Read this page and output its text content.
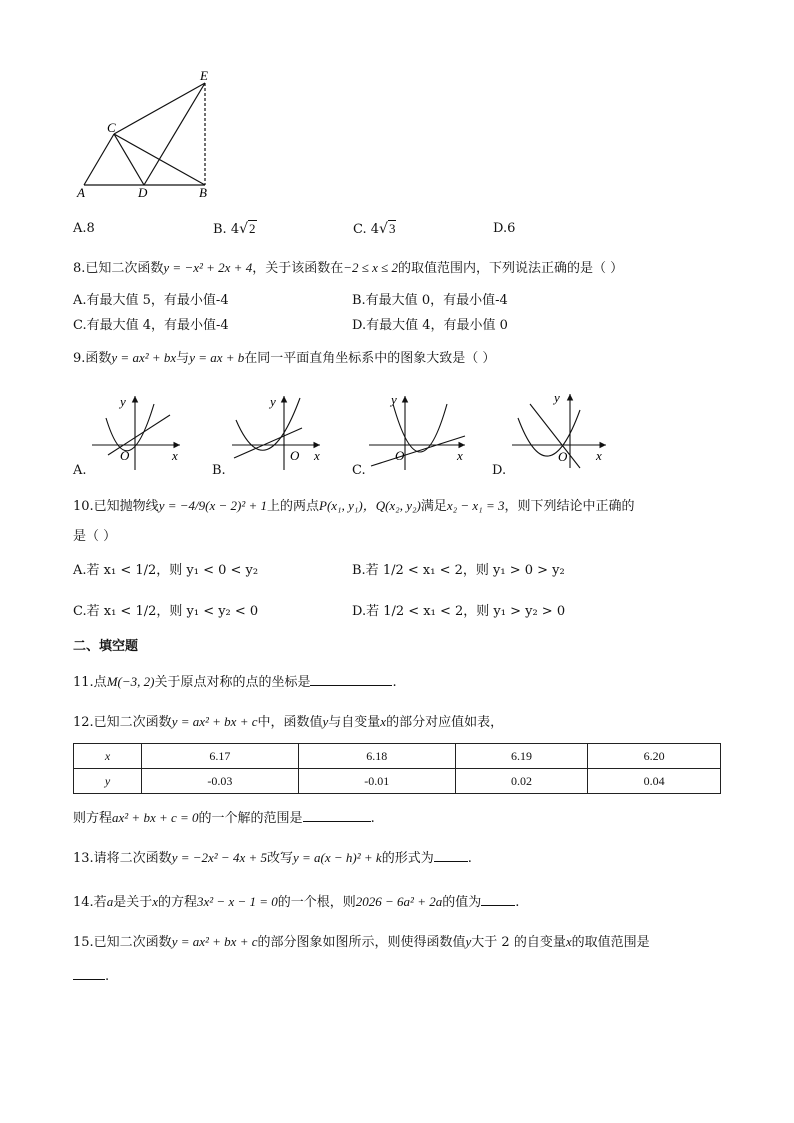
E
C
A	D	B
A.8	B. 4√2	C. 4√3	D.6
8.已知二次函数y = −x² + 2x + 4，关于该函数在−2 ≤ x ≤ 2的取值范围内，下列说法正确的是（ ）
A.有最大值 5，有最小值-4	B.有最大值 0，有最小值-4
C.有最大值 4，有最小值-4	D.有最大值 4，有最小值 0
9.函数y = ax² + bx与y = ax + b在同一平面直角坐标系中的图象大致是（ ）
y
O	x
A.
y
O x
B.
y
O	x
C.
y
O x
D.
10.已知抛物线y = −4/9(x − 2)² + 1上的两点P(x₁, y₁)，Q(x₂, y₂)满足x₂ − x₁ = 3，则下列结论中正确的
是（ ）
A.若 x₁ < 1/2，则 y₁ < 0 < y₂	B.若 1/2 < x₁ < 2，则 y₁ > 0 > y₂
C.若 x₁ < 1/2，则 y₁ < y₂ < 0	D.若 1/2 < x₁ < 2，则 y₁ > y₂ > 0
二、填空题
11.点M(−3, 2)关于原点对称的点的坐标是	.
12.已知二次函数y = ax² + bx + c中，函数值y与自变量x的部分对应值如表，
x	6.17	6.18	6.19	6.20
y	-0.03	-0.01	0.02	0.04
则方程ax² + bx + c = 0的一个解的范围是	.
13.请将二次函数y = −2x² − 4x + 5改写y = a(x − h)² + k的形式为	.
14.若a是关于x的方程3x² − x − 1 = 0的一个根，则2026 − 6a² + 2a的值为	.
15.已知二次函数y = ax² + bx + c的部分图象如图所示，则使得函数值y大于 2 的自变量x的取值范围是
.
